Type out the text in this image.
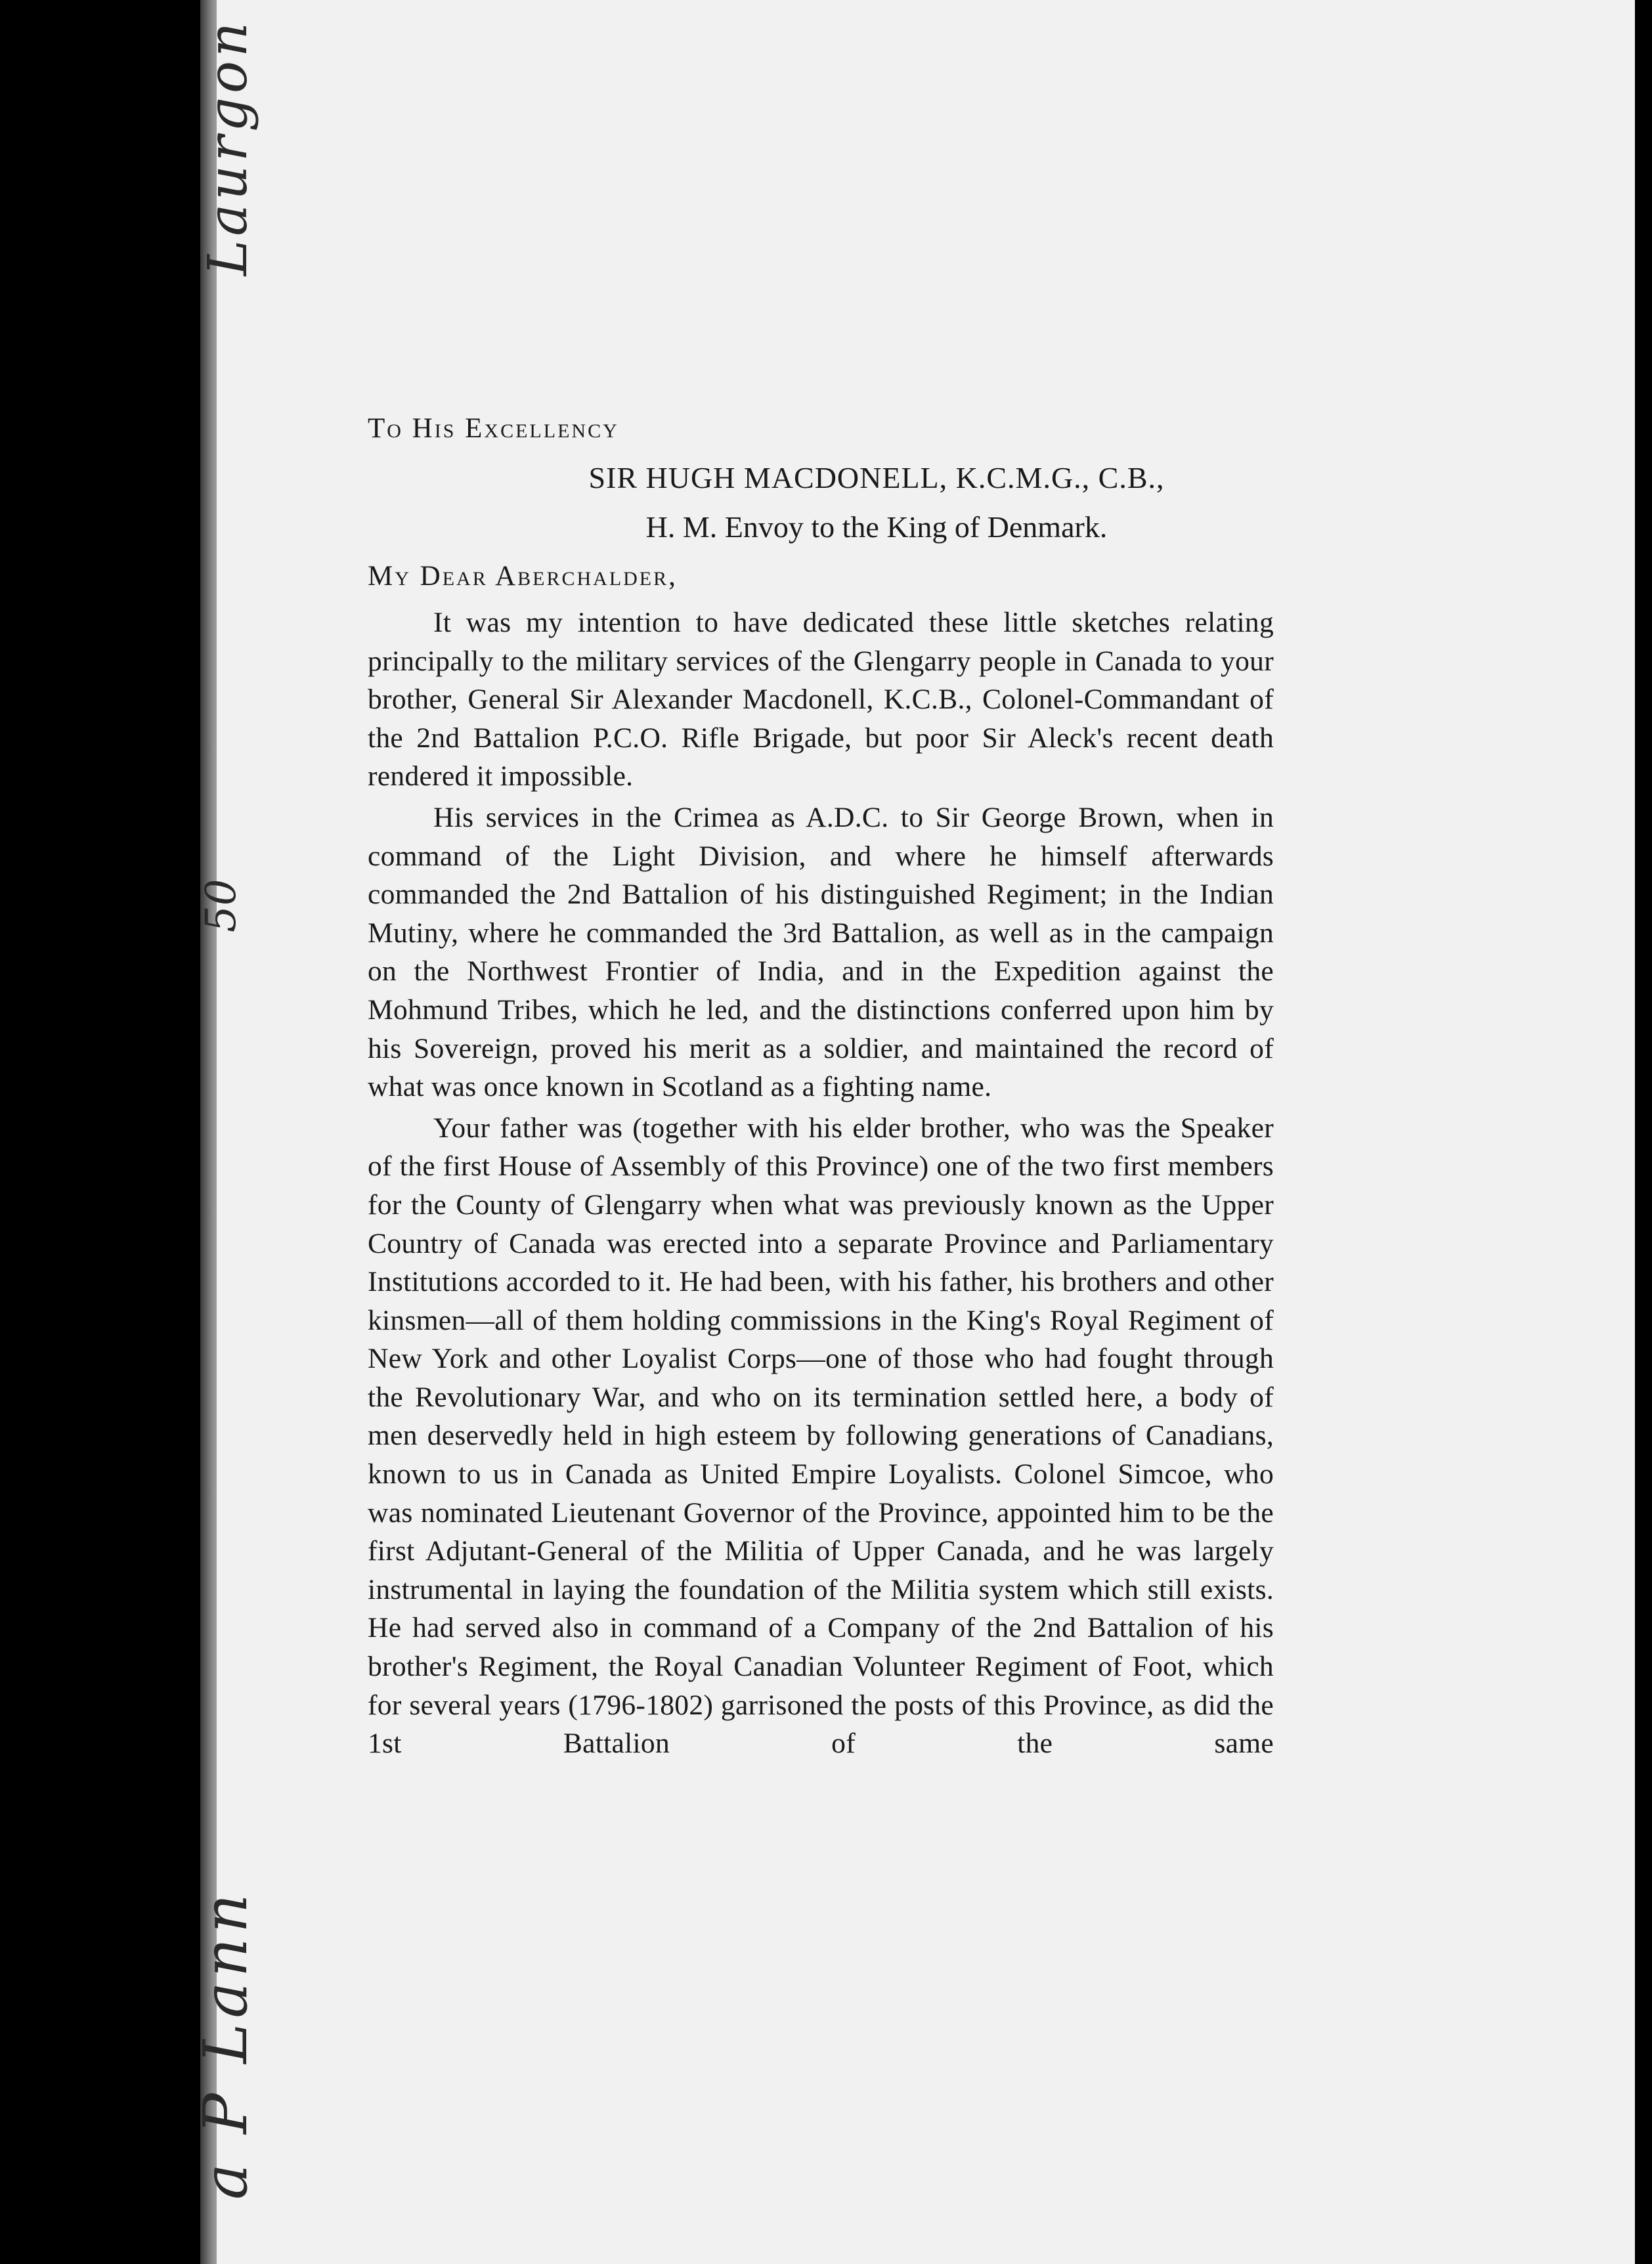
Laurgon
50
a P Lann
To His Excellency
SIR HUGH MACDONELL, K.C.M.G., C.B.,
H. M. Envoy to the King of Denmark.
My Dear Aberchalder,

It was my intention to have dedicated these little sketches relating principally to the military services of the Glengarry people in Canada to your brother, General Sir Alexander Macdonell, K.C.B., Colonel-Commandant of the 2nd Battalion P.C.O. Rifle Brigade, but poor Sir Aleck's recent death rendered it impossible.

His services in the Crimea as A.D.C. to Sir George Brown, when in command of the Light Division, and where he himself afterwards commanded the 2nd Battalion of his distinguished Regiment; in the Indian Mutiny, where he commanded the 3rd Battalion, as well as in the campaign on the Northwest Frontier of India, and in the Expedition against the Mohmund Tribes, which he led, and the distinctions conferred upon him by his Sovereign, proved his merit as a soldier, and maintained the record of what was once known in Scotland as a fighting name.

Your father was (together with his elder brother, who was the Speaker of the first House of Assembly of this Province) one of the two first members for the County of Glengarry when what was previously known as the Upper Country of Canada was erected into a separate Province and Parliamentary Institutions accorded to it. He had been, with his father, his brothers and other kinsmen—all of them holding commissions in the King's Royal Regiment of New York and other Loyalist Corps—one of those who had fought through the Revolutionary War, and who on its termination settled here, a body of men deservedly held in high esteem by following generations of Canadians, known to us in Canada as United Empire Loyalists. Colonel Simcoe, who was nominated Lieutenant Governor of the Province, appointed him to be the first Adjutant-General of the Militia of Upper Canada, and he was largely instrumental in laying the foundation of the Militia system which still exists. He had served also in command of a Company of the 2nd Battalion of his brother's Regiment, the Royal Canadian Volunteer Regiment of Foot, which for several years (1796-1802) garrisoned the posts of this Province, as did the 1st Battalion of the same
